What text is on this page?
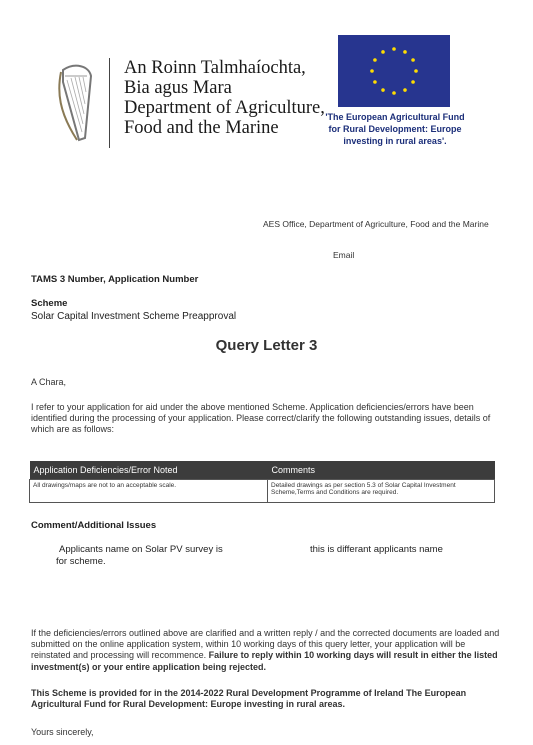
An Roinn Talmhaíochta,
Bia agus Mara
Department of Agriculture,
Food and the Marine
'The European Agricultural Fund
for Rural Development: Europe
investing in rural areas'.
AES Office, Department of Agriculture, Food and the Marine
Email
TAMS 3 Number, Application Number
Scheme
Solar Capital Investment Scheme Preapproval
Query Letter 3
A Chara,
I refer to your application for aid under the above mentioned Scheme. Application deficiencies/errors have been identified during the processing of your application. Please correct/clarify the following outstanding issues, details of which are as follows:
Application Deficiencies/Error Noted	Comments
All drawings/maps are not to an acceptable scale.	Detailed drawings as per section 5.3 of Solar Capital Investment Scheme,Terms and Conditions are required.
Comment/Additional Issues
Applicants name on Solar PV survey is	this is differant applicants name
for scheme.
If the deficiencies/errors outlined above are clarified and a written reply / and the corrected documents are loaded and submitted on the online application system, within 10 working days of this query letter, your application will be reinstated and processing will recommence. Failure to reply within 10 working days will result in either the listed investment(s) or your entire application being rejected.
This Scheme is provided for in the 2014-2022 Rural Development Programme of Ireland The European Agricultural Fund for Rural Development: Europe investing in rural areas.
Yours sincerely,
